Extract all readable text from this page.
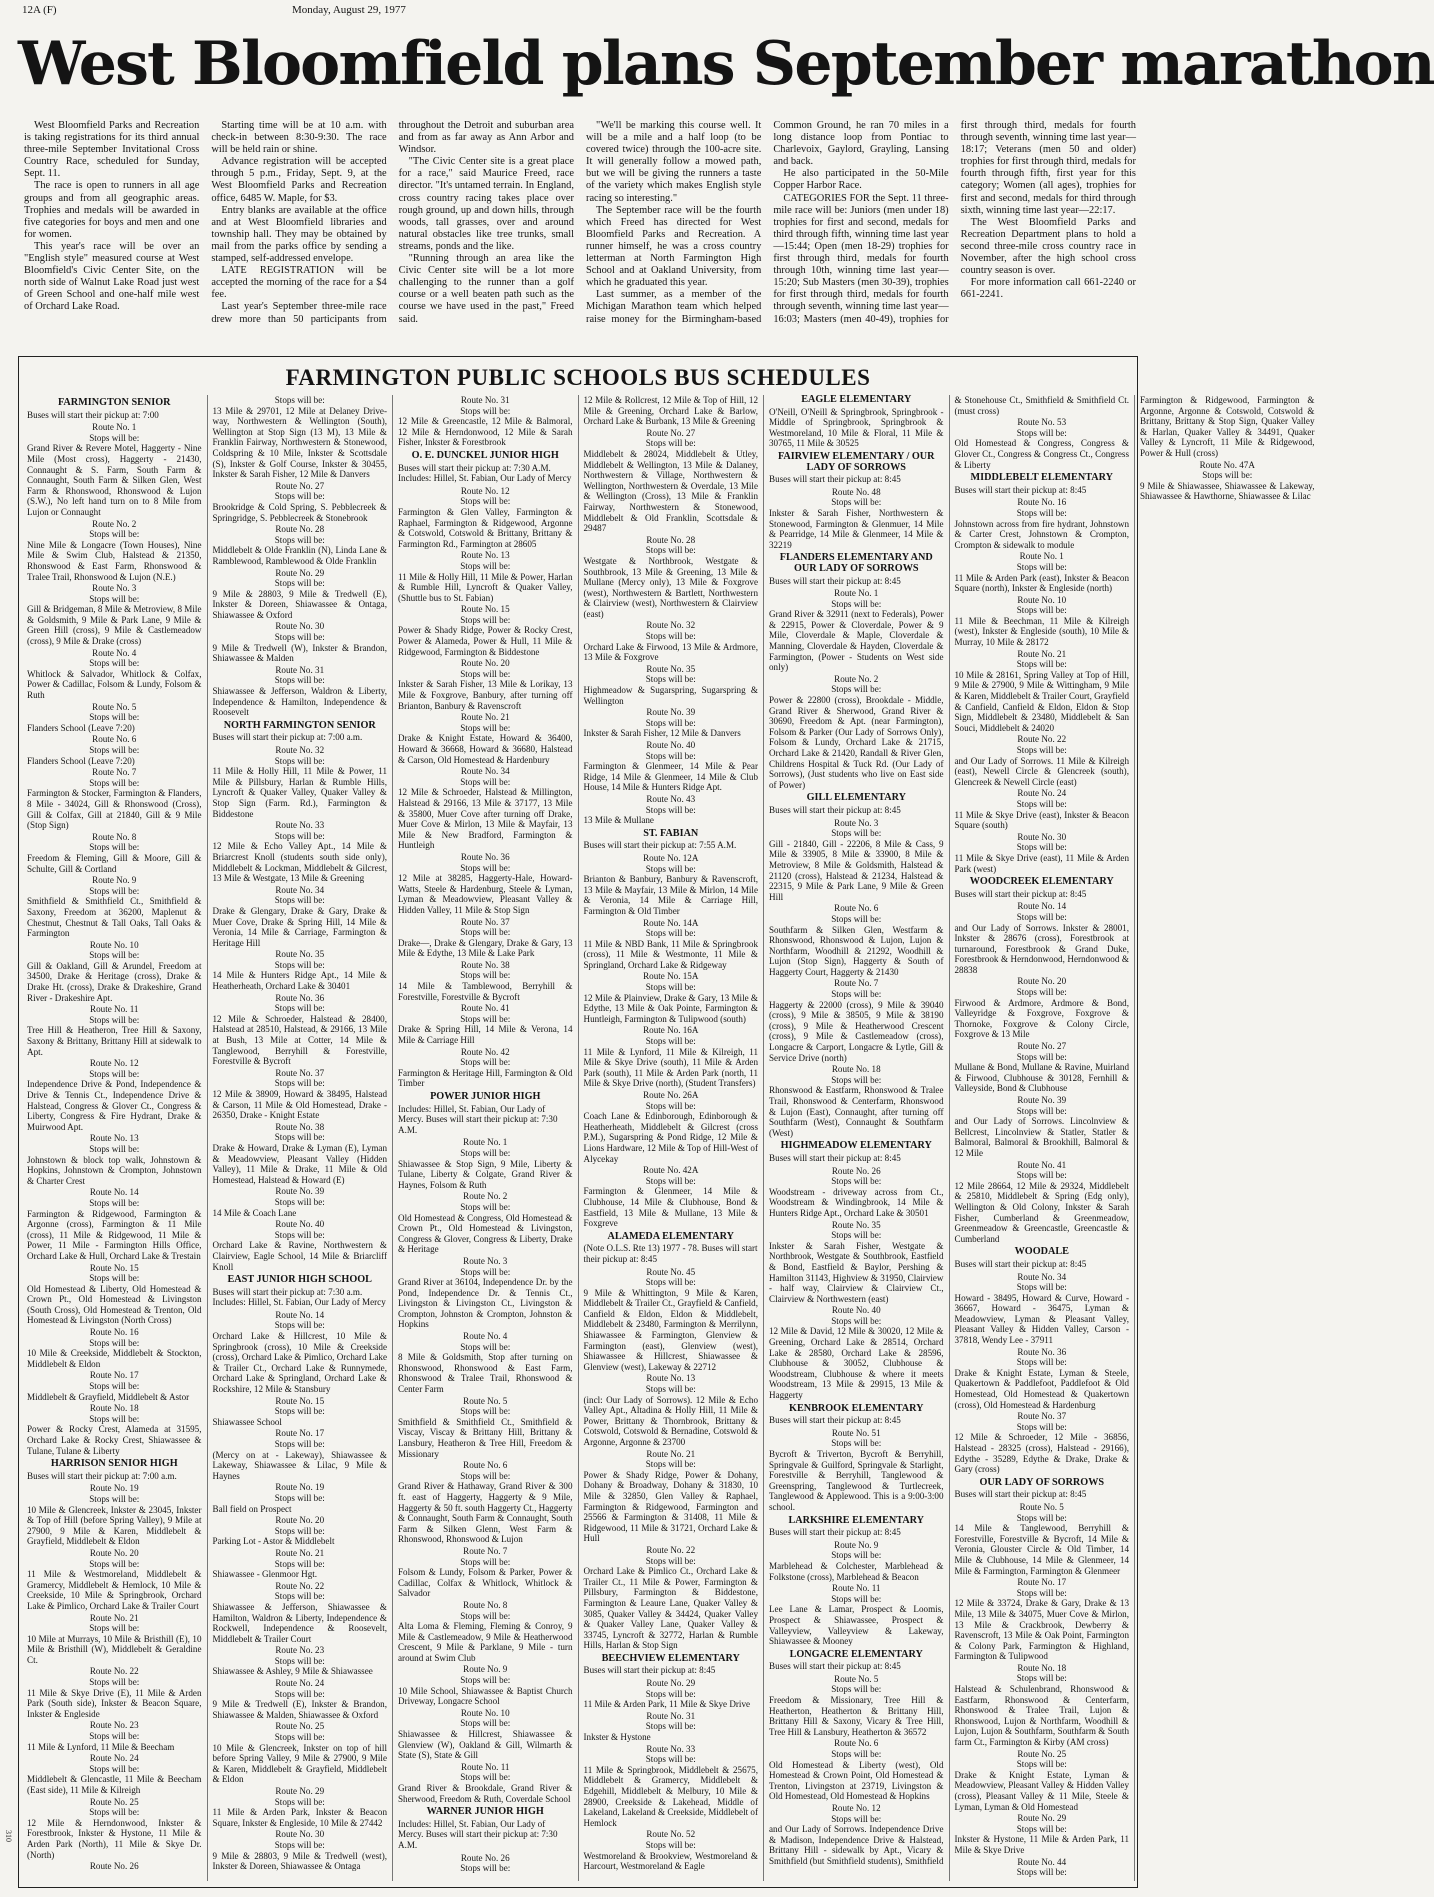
12A (F)	Monday, August 29, 1977
West Bloomfield plans September marathon

West Bloomfield Parks and Recreation is taking registrations for its third annual three-mile September Invitational Cross Country Race, scheduled for Sunday, Sept. 11.

The race is open to runners in all age groups and from all geographic areas. Trophies and medals will be awarded in five categories for boys and men and one for women.

This year's race will be over an "English style" measured course at West Bloomfield's Civic Center Site, on the north side of Walnut Lake Road just west of Green School and one-half mile west of Orchard Lake Road.

Starting time will be at 10 a.m. with check-in between 8:30-9:30. The race will be held rain or shine.

Advance registration will be accepted through 5 p.m., Friday, Sept. 9, at the West Bloomfield Parks and Recreation office, 6485 W. Maple, for $3.

Entry blanks are available at the office and at West Bloomfield libraries and township hall. They may be obtained by mail from the parks office by sending a stamped, self-addressed envelope.

LATE REGISTRATION will be accepted the morning of the race for a $4 fee.

Last year's September three-mile race drew more than 50 participants from throughout the Detroit and suburban area and from as far away as Ann Arbor and Windsor.

"The Civic Center site is a great place for a race," said Maurice Freed, race director. "It's untamed terrain. In England, cross country racing takes place over rough ground, up and down hills, through woods, tall grasses, over and around natural obstacles like tree trunks, small streams, ponds and the like.

"Running through an area like the Civic Center site will be a lot more challenging to the runner than a golf course or a well beaten path such as the course we have used in the past," Freed said.

"We'll be marking this course well. It will be a mile and a half loop (to be covered twice) through the 100-acre site. It will generally follow a mowed path, but we will be giving the runners a taste of the variety which makes English style racing so interesting."

The September race will be the fourth which Freed has directed for West Bloomfield Parks and Recreation. A runner himself, he was a cross country letterman at North Farmington High School and at Oakland University, from which he graduated this year.

Last summer, as a member of the Michigan Marathon team which helped raise money for the Birmingham-based Common Ground, he ran 70 miles in a long distance loop from Pontiac to Charlevoix, Gaylord, Grayling, Lansing and back.

He also participated in the 50-Mile Copper Harbor Race.

CATEGORIES FOR the Sept. 11 three-mile race will be: Juniors (men under 18) trophies for first and second, medals for third through fifth, winning time last year—15:44; Open (men 18-29) trophies for first through third, medals for fourth through 10th, winning time last year—15:20; Sub Masters (men 30-39), trophies for first through third, medals for fourth through seventh, winning time last year—16:03; Masters (men 40-49), trophies for first through third, medals for fourth through seventh, winning time last year—18:17; Veterans (men 50 and older) trophies for first through third, medals for fourth through fifth, first year for this category; Women (all ages), trophies for first and second, medals for third through sixth, winning time last year—22:17.

The West Bloomfield Parks and Recreation Department plans to hold a second three-mile cross country race in November, after the high school cross country season is over.

For more information call 661-2240 or 661-2241.

FARMINGTON PUBLIC SCHOOLS BUS SCHEDULES
FARMINGTON SENIOR
Buses will start their pickup at: 7:00
Route No. 1
Stops will be:
Grand River & Revere Motel, Haggerty - Nine Mile (Most cross), Haggerty - 21430, Connaught & S. Farm, South Farm & Connaught, South Farm & Silken Glen, West Farm & Rhonswood, Rhonswood & Lujon (S.W.), No left hand turn on to 8 Mile from Lujon or Connaught
Route No. 2
Stops will be:
Nine Mile & Longacre (Town Houses), Nine Mile & Swim Club, Halstead & 21350, Rhonswood & East Farm, Rhonswood & Tralee Trail, Rhonswood & Lujon (N.E.)
Route No. 3
Stops will be:
Gill & Bridgeman, 8 Mile & Metroview, 8 Mile & Goldsmith, 9 Mile & Park Lane, 9 Mile & Green Hill (cross), 9 Mile & Castlemeadow (cross), 9 Mile & Drake (cross)
Route No. 4
Stops will be:
Whitlock & Salvador, Whitlock & Colfax, Power & Cadillac, Folsom & Lundy, Folsom & Ruth
Route No. 5
Stops will be:
Flanders School (Leave 7:20)
Route No. 6
Stops will be:
Flanders School (Leave 7:20)
Route No. 7
Stops will be:
Farmington & Stocker, Farmington & Flanders, 8 Mile - 34024, Gill & Rhonswood (Cross), Gill & Colfax, Gill at 21840, Gill & 9 Mile (Stop Sign)
Route No. 8
Stops will be:
Freedom & Fleming, Gill & Moore, Gill & Schulte, Gill & Cortland
Route No. 9
Stops will be:
Smithfield & Smithfield Ct., Smithfield & Saxony, Freedom at 36200, Maplenut & Chestnut, Chestnut & Tall Oaks, Tall Oaks & Farmington
Route No. 10
Stops will be:
Gill & Oakland, Gill & Arundel, Freedom at 34500, Drake & Heritage (cross), Drake & Drake Ht. (cross), Drake & Drakeshire, Grand River - Drakeshire Apt.
Route No. 11
Stops will be:
Tree Hill & Heatheron, Tree Hill & Saxony, Saxony & Brittany, Brittany Hill at sidewalk to Apt.
Route No. 12
Stops will be:
Independence Drive & Pond, Independence & Drive & Tennis Ct., Independence Drive & Halstead, Congress & Glover Ct., Congress & Liberty, Congress & Fire Hydrant, Drake & Muirwood Apt.
Route No. 13
Stops will be:
Johnstown & block top walk, Johnstown & Hopkins, Johnstown & Crompton, Johnstown & Charter Crest
Route No. 14
Stops will be:
Farmington & Ridgewood, Farmington & Argonne (cross), Farmington & 11 Mile (cross), 11 Mile & Ridgewood, 11 Mile & Power, 11 Mile - Farmington Hills Office, Orchard Lake & Hull, Orchard Lake & Trestain
Route No. 15
Stops will be:
Old Homestead & Liberty, Old Homestead & Crown Pt., Old Homestead & Livingston (South Cross), Old Homestead & Trenton, Old Homestead & Livingston (North Cross)
Route No. 16
Stops will be:
10 Mile & Creekside, Middlebelt & Stockton, Middlebelt & Eldon
Route No. 17
Stops will be:
Middlebelt & Grayfield, Middlebelt & Astor
Route No. 18
Stops will be:
Power & Rocky Crest, Alameda at 31595, Orchard Lake & Rocky Crest, Shiawassee & Tulane, Tulane & Liberty
HARRISON SENIOR HIGH
Buses will start their pickup at: 7:00 a.m.
Route No. 19
Stops will be:
10 Mile & Glencreek, Inkster & 23045, Inkster & Top of Hill (before Spring Valley), 9 Mile at 27900, 9 Mile & Karen, Middlebelt & Grayfield, Middlebelt & Eldon
Route No. 20
Stops will be:
11 Mile & Westmoreland, Middlebelt & Gramercy, Middlebelt & Hemlock, 10 Mile & Creekside, 10 Mile & Springbrook, Orchard Lake & Pimlico, Orchard Lake & Trailer Court
Route No. 21
Stops will be:
10 Mile at Murrays, 10 Mile & Bristhill (E), 10 Mile & Bristhill (W), Middlebelt & Geraldine Ct.
Route No. 22
Stops will be:
11 Mile & Skye Drive (E), 11 Mile & Arden Park (South side), Inkster & Beacon Square, Inkster & Engleside
Route No. 23
Stops will be:
11 Mile & Lynford, 11 Mile & Beecham
Route No. 24
Stops will be:
Middlebelt & Glencastle, 11 Mile & Beecham (East side), 11 Mile & Kilreigh
Route No. 25
Stops will be:
12 Mile & Herndonwood, Inkster & Forestbrook, Inkster & Hystone, 11 Mile & Arden Park (North), 11 Mile & Skye Dr. (North)
Route No. 26
Stops will be:
13 Mile & 29701, 12 Mile at Delaney Drive-way, Northwestern & Wellington (South), Wellington at Stop Sign (13 M), 13 Mile & Franklin Fairway, Northwestern & Stonewood, Coldspring & 10 Mile, Inkster & Scottsdale (S), Inkster & Golf Course, Inkster & 30455, Inkster & Sarah Fisher, 12 Mile & Danvers
Route No. 27
Stops will be:
Brookridge & Cold Spring, S. Pebblecreek & Springridge, S. Pebblecreek & Stonebrook
Route No. 28
Stops will be:
Middlebelt & Olde Franklin (N), Linda Lane & Ramblewood, Ramblewood & Olde Franklin
Route No. 29
Stops will be:
9 Mile & 28803, 9 Mile & Tredwell (E), Inkster & Doreen, Shiawassee & Ontaga, Shiawassee & Oxford
Route No. 30
Stops will be:
9 Mile & Tredwell (W), Inkster & Brandon, Shiawassee & Malden
Route No. 31
Stops will be:
Shiawassee & Jefferson, Waldron & Liberty, Independence & Hamilton, Independence & Roosevelt
NORTH FARMINGTON SENIOR
Buses will start their pickup at: 7:00 a.m.
Route No. 32
Stops will be:
11 Mile & Holly Hill, 11 Mile & Power, 11 Mile & Pillsbury, Harlan & Rumble Hills, Lyncroft & Quaker Valley, Quaker Valley & Stop Sign (Farm. Rd.), Farmington & Biddestone
Route No. 33
Stops will be:
12 Mile & Echo Valley Apt., 14 Mile & Briarcrest Knoll (students south side only), Middlebelt & Lockman, Middlebelt & Gilcrest, 13 Mile & Westgate, 13 Mile & Greening
Route No. 34
Stops will be:
Drake & Glengary, Drake & Gary, Drake & Muer Cove, Drake & Spring Hill, 14 Mile & Veronia, 14 Mile & Carriage, Farmington & Heritage Hill
Route No. 35
Stops will be:
14 Mile & Hunters Ridge Apt., 14 Mile & Heatherheath, Orchard Lake & 30401
Route No. 36
Stops will be:
12 Mile & Schroeder, Halstead & 28400, Halstead at 28510, Halstead, & 29166, 13 Mile at Bush, 13 Mile at Cotter, 14 Mile & Tanglewood, Berryhill & Forestville, Forestville & Bycroft
Route No. 37
Stops will be:
12 Mile & 38909, Howard & 38495, Halstead & Carson, 11 Mile & Old Homestead, Drake - 26350, Drake - Knight Estate
Route No. 38
Stops will be:
Drake & Howard, Drake & Lyman (E), Lyman & Meadowview, Pleasant Valley (Hidden Valley), 11 Mile & Drake, 11 Mile & Old Homestead, Halstead & Howard (E)
Route No. 39
Stops will be:
14 Mile & Coach Lane
Route No. 40
Stops will be:
Orchard Lake & Ravine, Northwestern & Clairview, Eagle School, 14 Mile & Briarcliff Knoll
EAST JUNIOR HIGH SCHOOL
Buses will start their pickup at: 7:30 a.m. Includes: Hillel, St. Fabian, Our Lady of Mercy
Route No. 14
Stops will be:
Orchard Lake & Hillcrest, 10 Mile & Springbrook (cross), 10 Mile & Creekside (cross), Orchard Lake & Pimlico, Orchard Lake & Trailer Ct., Orchard Lake & Runnymede, Orchard Lake & Springland, Orchard Lake & Rockshire, 12 Mile & Stansbury
Route No. 15
Stops will be:
Shiawassee School
Route No. 17
Stops will be:
(Mercy on at - Lakeway), Shiawassee & Lakeway, Shiawassee & Lilac, 9 Mile & Haynes
Route No. 19
Stops will be:
Ball field on Prospect
Route No. 20
Stops will be:
Parking Lot - Astor & Middlebelt
Route No. 21
Stops will be:
Shiawassee - Glenmoor Hgt.
Route No. 22
Stops will be:
Shiawassee & Jefferson, Shiawassee & Hamilton, Waldron & Liberty, Independence & Rockwell, Independence & Roosevelt, Middlebelt & Trailer Court
Route No. 23
Stops will be:
Shiawassee & Ashley, 9 Mile & Shiawassee
Route No. 24
Stops will be:
9 Mile & Tredwell (E), Inkster & Brandon, Shiawassee & Malden, Shiawassee & Oxford
Route No. 25
Stops will be:
10 Mile & Glencreek, Inkster on top of hill before Spring Valley, 9 Mile & 27900, 9 Mile & Karen, Middlebelt & Grayfield, Middlebelt & Eldon
Route No. 29
Stops will be:
11 Mile & Arden Park, Inkster & Beacon Square, Inkster & Engleside, 10 Mile & 27442
Route No. 30
Stops will be:
9 Mile & 28803, 9 Mile & Tredwell (west), Inkster & Doreen, Shiawassee & Ontaga
Route No. 31
Stops will be:
12 Mile & Greencastle, 12 Mile & Balmoral, 12 Mile & Herndonwood, 12 Mile & Sarah Fisher, Inkster & Forestbrook
O. E. DUNCKEL JUNIOR HIGH
Buses will start their pickup at: 7:30 A.M. Includes: Hillel, St. Fabian, Our Lady of Mercy
Route No. 12
Stops will be:
Farmington & Glen Valley, Farmington & Raphael, Farmington & Ridgewood, Argonne & Cotswold, Cotswold & Brittany, Brittany & Farmington Rd., Farmington at 28605
Route No. 13
Stops will be:
11 Mile & Holly Hill, 11 Mile & Power, Harlan & Rumble Hill, Lyncroft & Quaker Valley, (Shuttle bus to St. Fabian)
Route No. 15
Stops will be:
Power & Shady Ridge, Power & Rocky Crest, Power & Alameda, Power & Hull, 11 Mile & Ridgewood, Farmington & Biddestone
Route No. 20
Stops will be:
Inkster & Sarah Fisher, 13 Mile & Lorikay, 13 Mile & Foxgrove, Banbury, after turning off Brianton, Banbury & Ravenscroft
Route No. 21
Stops will be:
Drake & Knight Estate, Howard & 36400, Howard & 36668, Howard & 36680, Halstead & Carson, Old Homestead & Hardenbury
Route No. 34
Stops will be:
12 Mile & Schroeder, Halstead & Millington, Halstead & 29166, 13 Mile & 37177, 13 Mile & 35800, Muer Cove after turning off Drake, Muer Cove & Mirlon, 13 Mile & Mayfair, 13 Mile & New Bradford, Farmington & Huntleigh
Route No. 36
Stops will be:
12 Mile at 38285, Haggerty-Hale, Howard-Watts, Steele & Hardenburg, Steele & Lyman, Lyman & Meadowview, Pleasant Valley & Hidden Valley, 11 Mile & Stop Sign
Route No. 37
Stops will be:
Drake—, Drake & Glengary, Drake & Gary, 13 Mile & Edythe, 13 Mile & Lake Park
Route No. 38
Stops will be:
14 Mile & Tamblewood, Berryhill & Forestville, Forestville & Bycroft
Route No. 41
Stops will be:
Drake & Spring Hill, 14 Mile & Verona, 14 Mile & Carriage Hill
Route No. 42
Stops will be:
Farmington & Heritage Hill, Farmington & Old Timber
POWER JUNIOR HIGH
Includes: Hillel, St. Fabian, Our Lady of Mercy. Buses will start their pickup at: 7:30 A.M.
Route No. 1
Stops will be:
Shiawassee & Stop Sign, 9 Mile, Liberty & Tulane, Liberty & Colgate, Grand River & Haynes, Folsom & Ruth
Route No. 2
Stops will be:
Old Homestead & Congress, Old Homestead & Crown Pt., Old Homestead & Livingston, Congress & Glover, Congress & Liberty, Drake & Heritage
Route No. 3
Stops will be:
Grand River at 36104, Independence Dr. by the Pond, Independence Dr. & Tennis Ct., Livingston & Livingston Ct., Livingston & Crompton, Johnston & Crompton, Johnston & Hopkins
Route No. 4
Stops will be:
8 Mile & Goldsmith, Stop after turning on Rhonswood, Rhonswood & East Farm, Rhonswood & Tralee Trail, Rhonswood & Center Farm
Route No. 5
Stops will be:
Smithfield & Smithfield Ct., Smithfield & Viscay, Viscay & Brittany Hill, Brittany & Lansbury, Heatheron & Tree Hill, Freedom & Missionary
Route No. 6
Stops will be:
Grand River & Hathaway, Grand River & 300 ft. east of Haggerty, Haggerty & 9 Mile, Haggerty & 50 ft. south Haggerty Ct., Haggerty & Connaught, South Farm & Connaught, South Farm & Silken Glenn, West Farm & Rhonswood, Rhonswood & Lujon
Route No. 7
Stops will be:
Folsom & Lundy, Folsom & Parker, Power & Cadillac, Colfax & Whitlock, Whitlock & Salvador
Route No. 8
Stops will be:
Alta Loma & Fleming, Fleming & Conroy, 9 Mile & Castlemeadow, 9 Mile & Heatherwood Crescent, 9 Mile & Parklane, 9 Mile - turn around at Swim Club
Route No. 9
Stops will be:
10 Mile School, Shiawassee & Baptist Church Driveway, Longacre School
Route No. 10
Stops will be:
Shiawassee & Hillcrest, Shiawassee & Glenview (W), Oakland & Gill, Wilmarth & State (S), State & Gill
Route No. 11
Stops will be:
Grand River & Brookdale, Grand River & Sherwood, Freedom & Ruth, Coverdale School
WARNER JUNIOR HIGH
Includes: Hillel, St. Fabian, Our Lady of Mercy. Buses will start their pickup at: 7:30 A.M.
Route No. 26
Stops will be:
12 Mile & Rollcrest, 12 Mile & Top of Hill, 12 Mile & Greening, Orchard Lake & Barlow, Orchard Lake & Burbank, 13 Mile & Greening
Route No. 27
Stops will be:
Middlebelt & 28024, Middlebelt & Utley, Middlebelt & Wellington, 13 Mile & Dalaney, Northwestern & Village, Northwestern & Wellington, Northwestern & Overdale, 13 Mile & Wellington (Cross), 13 Mile & Franklin Fairway, Northwestern & Stonewood, Middlebelt & Old Franklin, Scottsdale & 29487
Route No. 28
Stops will be:
Westgate & Northbrook, Westgate & Southbrook, 13 Mile & Greening, 13 Mile & Mullane (Mercy only), 13 Mile & Foxgrove (west), Northwestern & Bartlett, Northwestern & Clairview (west), Northwestern & Clairview (east)
Route No. 32
Stops will be:
Orchard Lake & Firwood, 13 Mile & Ardmore, 13 Mile & Foxgrove
Route No. 35
Stops will be:
Highmeadow & Sugarspring, Sugarspring & Wellington
Route No. 39
Stops will be:
Inkster & Sarah Fisher, 12 Mile & Danvers
Route No. 40
Stops will be:
Farmington & Glenmeer, 14 Mile & Pear Ridge, 14 Mile & Glenmeer, 14 Mile & Club House, 14 Mile & Hunters Ridge Apt.
Route No. 43
Stops will be:
13 Mile & Mullane
ST. FABIAN
Buses will start their pickup at: 7:55 A.M.
Route No. 12A
Stops will be:
Brianton & Banbury, Banbury & Ravenscroft, 13 Mile & Mayfair, 13 Mile & Mirlon, 14 Mile & Veronia, 14 Mile & Carriage Hill, Farmington & Old Timber
Route No. 14A
Stops will be:
11 Mile & NBD Bank, 11 Mile & Springbrook (cross), 11 Mile & Westmonte, 11 Mile & Springland, Orchard Lake & Ridgeway
Route No. 15A
Stops will be:
12 Mile & Plainview, Drake & Gary, 13 Mile & Edythe, 13 Mile & Oak Pointe, Farmington & Huntleigh, Farmington & Tulipwood (south)
Route No. 16A
Stops will be:
11 Mile & Lynford, 11 Mile & Kilreigh, 11 Mile & Skye Drive (south), 11 Mile & Arden Park (south), 11 Mile & Arden Park (north, 11 Mile & Skye Drive (north), (Student Transfers)
Route No. 26A
Stops will be:
Coach Lane & Edinborough, Edinborough & Heatherheath, Middlebelt & Gilcrest (cross P.M.), Sugarspring & Pond Ridge, 12 Mile & Lions Hardware, 12 Mile & Top of Hill-West of Alycekay
Route No. 42A
Stops will be:
Farmington & Glenmeer, 14 Mile & Clubhouse, 14 Mile & Clubhouse, Bond & Eastfield, 13 Mile & Mullane, 13 Mile & Foxgreve
ALAMEDA ELEMENTARY
(Note O.L.S. Rte 13) 1977 - 78. Buses will start their pickup at: 8:45
Route No. 45
Stops will be:
9 Mile & Whittington, 9 Mile & Karen, Middlebelt & Trailer Ct., Grayfield & Canfield, Canfield & Eldon, Eldon & Middlebelt, Middlebelt & 23480, Farmington & Merrilynn, Shiawassee & Farmington, Glenview & Farmington (east), Glenview (west), Shiawassee & Hillcrest, Shiawassee & Glenview (west), Lakeway & 22712
Route No. 13
Stops will be:
(incl: Our Lady of Sorrows). 12 Mile & Echo Valley Apt., Altadina & Holly Hill, 11 Mile & Power, Brittany & Thornbrook, Brittany & Cotswold, Cotswold & Bernadine, Cotswold & Argonne, Argonne & 23700
Route No. 21
Stops will be:
Power & Shady Ridge, Power & Dohany, Dohany & Broadway, Dohany & 31830, 10 Mile & 32850, Glen Valley & Raphael, Farmington & Ridgewood, Farmington and 25566 & Farmington & 31408, 11 Mile & Ridgewood, 11 Mile & 31721, Orchard Lake & Hull
Route No. 22
Stops will be:
Orchard Lake & Pimlico Ct., Orchard Lake & Trailer Ct., 11 Mile & Power, Farmington & Pillsbury, Farmington & Biddestone, Farmington & Leaure Lane, Quaker Valley & 3085, Quaker Valley & 34424, Quaker Valley & Quaker Valley Lane, Quaker Valley & 33745, Lyncroft & 32772, Harlan & Rumble Hills, Harlan & Stop Sign
BEECHVIEW ELEMENTARY
Buses will start their pickup at: 8:45
Route No. 29
Stops will be:
11 Mile & Arden Park, 11 Mile & Skye Drive
Route No. 31
Stops will be:
Inkster & Hystone
Route No. 33
Stops will be:
11 Mile & Springbrook, Middlebelt & 25675, Middlebelt & Gramercy, Middlebelt & Edgehill, Middlebelt & Melbury, 10 Mile & 28900, Creekside & Lakehead, Middle of Lakeland, Lakeland & Creekside, Middlebelt of Hemlock
Route No. 52
Stops will be:
Westmoreland & Brookview, Westmoreland & Harcourt, Westmoreland & Eagle
EAGLE ELEMENTARY
O'Neill, O'Neill & Springbrook, Springbrook - Middle of Springbrook, Springbrook & Westmoreland, 10 Mile & Floral, 11 Mile & 30765, 11 Mile & 30525
FAIRVIEW ELEMENTARY / OUR LADY OF SORROWS
Buses will start their pickup at: 8:45
Route No. 48
Stops will be:
Inkster & Sarah Fisher, Northwestern & Stonewood, Farmington & Glenmuer, 14 Mile & Pearridge, 14 Mile & Glenmeer, 14 Mile & 32219
FLANDERS ELEMENTARY AND OUR LADY OF SORROWS
Buses will start their pickup at: 8:45
Route No. 1
Stops will be:
Grand River & 32911 (next to Federals), Power & 22915, Power & Cloverdale, Power & 9 Mile, Cloverdale & Maple, Cloverdale & Manning, Cloverdale & Hayden, Cloverdale & Farmington, (Power - Students on West side only)
Route No. 2
Stops will be:
Power & 22800 (cross), Brookdale - Middle, Grand River & Sherwood, Grand River & 30690, Freedom & Apt. (near Farmington), Folsom & Parker (Our Lady of Sorrows Only), Folsom & Lundy, Orchard Lake & 21715, Orchard Lake & 21420, Randall & River Glen, Childrens Hospital & Tuck Rd. (Our Lady of Sorrows), (Just students who live on East side of Power)
GILL ELEMENTARY
Buses will start their pickup at: 8:45
Route No. 3
Stops will be:
Gill - 21840, Gill - 22206, 8 Mile & Cass, 9 Mile & 33905, 8 Mile & 33900, 8 Mile & Metroview, 8 Mile & Goldsmith, Halstead & 21120 (cross), Halstead & 21234, Halstead & 22315, 9 Mile & Park Lane, 9 Mile & Green Hill
Route No. 6
Stops will be:
Southfarm & Silken Glen, Westfarm & Rhonswood, Rhonswood & Lujon, Lujon & Northfarm, Woodhill & 21292, Woodhill & Lujon (Stop Sign), Haggerty & South of Haggerty Court, Haggerty & 21430
Route No. 7
Stops will be:
Haggerty & 22000 (cross), 9 Mile & 39040 (cross), 9 Mile & 38505, 9 Mile & 38190 (cross), 9 Mile & Heatherwood Crescent (cross), 9 Mile & Castlemeadow (cross), Longacre & Carport, Longacre & Lytle, Gill & Service Drive (north)
Route No. 18
Stops will be:
Rhonswood & Eastfarm, Rhonswood & Tralee Trail, Rhonswood & Centerfarm, Rhonswood & Lujon (East), Connaught, after turning off Southfarm (West), Connaught & Southfarm (West)
HIGHMEADOW ELEMENTARY
Buses will start their pickup at: 8:45
Route No. 26
Stops will be:
Woodstream - driveway across from Ct., Woodstream & Windingbrook, 14 Mile & Hunters Ridge Apt., Orchard Lake & 30501
Route No. 35
Stops will be:
Inkster & Sarah Fisher, Westgate & Northbrook, Westgate & Southbrook, Eastfield & Bond, Eastfield & Baylor, Pershing & Hamilton 31143, Highview & 31950, Clairview - half way, Clairview & Clairview Ct., Clairview & Northwestern (east)
Route No. 40
Stops will be:
12 Mile & David, 12 Mile & 30020, 12 Mile & Greening, Orchard Lake & 28514, Orchard Lake & 28580, Orchard Lake & 28596, Clubhouse & 30052, Clubhouse & Woodstream, Clubhouse & where it meets Woodstream, 13 Mile & 29915, 13 Mile & Haggerty
KENBROOK ELEMENTARY
Buses will start their pickup at: 8:45
Route No. 51
Stops will be:
Bycroft & Triverton, Bycroft & Berryhill, Springvale & Guilford, Springvale & Starlight, Forestville & Berryhill, Tanglewood & Greenspring, Tanglewood & Turtlecreek, Tanglewood & Applewood. This is a 9:00-3:00 school.
LARKSHIRE ELEMENTARY
Buses will start their pickup at: 8:45
Route No. 9
Stops will be:
Marblehead & Colchester, Marblehead & Folkstone (cross), Marblehead & Beacon
Route No. 11
Stops will be:
Lee Lane & Lamar, Prospect & Loomis, Prospect & Shiawassee, Prospect & Valleyview, Valleyview & Lakeway, Shiawassee & Mooney
LONGACRE ELEMENTARY
Buses will start their pickup at: 8:45
Route No. 5
Stops will be:
Freedom & Missionary, Tree Hill & Heatherton, Heatherton & Brittany Hill, Brittany Hill & Saxony, Vicary & Tree Hill, Tree Hill & Lansbury, Heatherton & 36572
Route No. 6
Stops will be:
Old Homestead & Liberty (west), Old Homestead & Crown Point, Old Homestead & Trenton, Livingston at 23719, Livingston & Old Homestead, Old Homestead & Hopkins
Route No. 12
Stops will be:
and Our Lady of Sorrows. Independence Drive & Madison, Independence Drive & Halstead, Brittany Hill - sidewalk by Apt., Vicary & Smithfield (but Smithfield students), Smithfield & Stonehouse Ct., Smithfield & Smithfield Ct. (must cross)
Route No. 53
Stops will be:
Old Homestead & Congress, Congress & Glover Ct., Congress & Congress Ct., Congress & Liberty
MIDDLEBELT ELEMENTARY
Buses will start their pickup at: 8:45
Route No. 16
Stops will be:
Johnstown across from fire hydrant, Johnstown & Carter Crest, Johnstown & Crompton, Crompton & sidewalk to module
Route No. 1
Stops will be:
11 Mile & Arden Park (east), Inkster & Beacon Square (north), Inkster & Engleside (north)
Route No. 10
Stops will be:
11 Mile & Beechman, 11 Mile & Kilreigh (west), Inkster & Engleside (south), 10 Mile & Murray, 10 Mile & 28172
Route No. 21
Stops will be:
10 Mile & 28161, Spring Valley at Top of Hill, 9 Mile & 27900, 9 Mile & Wittingham, 9 Mile & Karen, Middlebelt & Trailer Court, Grayfield & Canfield, Canfield & Eldon, Eldon & Stop Sign, Middlebelt & 23480, Middlebelt & San Souci, Middlebelt & 24020
Route No. 22
Stops will be:
and Our Lady of Sorrows. 11 Mile & Kilreigh (east), Newell Circle & Glencreek (south), Glencreek & Newell Circle (east)
Route No. 24
Stops will be:
11 Mile & Skye Drive (east), Inkster & Beacon Square (south)
Route No. 30
Stops will be:
11 Mile & Skye Drive (east), 11 Mile & Arden Park (west)
WOODCREEK ELEMENTARY
Buses will start their pickup at: 8:45
Route No. 14
Stops will be:
and Our Lady of Sorrows. Inkster & 28001, Inkster & 28676 (cross), Forestbrook at turnaround, Forestbrook & Grand Duke, Forestbrook & Herndonwood, Herndonwood & 28838
Route No. 20
Stops will be:
Firwood & Ardmore, Ardmore & Bond, Valleyridge & Foxgrove, Foxgrove & Thornoke, Foxgrove & Colony Circle, Foxgrove & 13 Mile
Route No. 27
Stops will be:
Mullane & Bond, Mullane & Ravine, Muirland & Firwood, Clubhouse & 30128, Fernhill & Valleyside, Bond & Clubhouse
Route No. 39
Stops will be:
and Our Lady of Sorrows. Lincolnview & Bellcrest, Lincolnview & Statler, Statler & Balmoral, Balmoral & Brookhill, Balmoral & 12 Mile
Route No. 41
Stops will be:
12 Mile 28664, 12 Mile & 29324, Middlebelt & 25810, Middlebelt & Spring (Edg only), Wellington & Old Colony, Inkster & Sarah Fisher, Cumberland & Greenmeadow, Greenmeadow & Greencastle, Greencastle & Cumberland
WOODALE
Buses will start their pickup at: 8:45
Route No. 34
Stops will be:
Howard - 38495, Howard & Curve, Howard - 36667, Howard - 36475, Lyman & Meadowview, Lyman & Pleasant Valley, Pleasant Valley & Hidden Valley, Carson - 37818, Wendy Lee - 37911
Route No. 36
Stops will be:
Drake & Knight Estate, Lyman & Steele, Quakertown & Paddlefoot, Paddlefoot & Old Homestead, Old Homestead & Quakertown (cross), Old Homestead & Hardenburg
Route No. 37
Stops will be:
12 Mile & Schroeder, 12 Mile - 36856, Halstead - 28325 (cross), Halstead - 29166), Edythe - 35289, Edythe & Drake, Drake & Gary (cross)
OUR LADY OF SORROWS
Buses will start their pickup at: 8:45
Route No. 5
Stops will be:
14 Mile & Tanglewood, Berryhill & Forestville, Forestville & Bycroft, 14 Mile & Veronia, Glouster Circle & Old Timber, 14 Mile & Clubhouse, 14 Mile & Glenmeer, 14 Mile & Farmington, Farmington & Glenmeer
Route No. 17
Stops will be:
12 Mile & 33724, Drake & Gary, Drake & 13 Mile, 13 Mile & 34075, Muer Cove & Mirlon, 13 Mile & Crackbrook, Dewberry & Ravenscroft, 13 Mile & Oak Point, Farmington & Colony Park, Farmington & Highland, Farmington & Tulipwood
Route No. 18
Stops will be:
Halstead & Schulenbrand, Rhonswood & Eastfarm, Rhonswood & Centerfarm, Rhonswood & Tralee Trail, Lujon & Rhonswood, Lujon & Northfarm, Woodhill & Lujon, Lujon & Southfarm, Southfarm & South farm Ct., Farmington & Kirby (AM cross)
Route No. 25
Stops will be:
Drake & Knight Estate, Lyman & Meadowview, Pleasant Valley & Hidden Valley (cross), Pleasant Valley & 11 Mile, Steele & Lyman, Lyman & Old Homestead
Route No. 29
Stops will be:
Inkster & Hystone, 11 Mile & Arden Park, 11 Mile & Skye Drive
Route No. 44
Stops will be:
Farmington & Ridgewood, Farmington & Argonne, Argonne & Cotswold, Cotswold & Brittany, Brittany & Stop Sign, Quaker Valley & Harlan, Quaker Valley & 34491, Quaker Valley & Lyncroft, 11 Mile & Ridgewood, Power & Hull (cross)
Route No. 47A
Stops will be:
9 Mile & Shiawassee, Shiawassee & Lakeway, Shiawassee & Hawthorne, Shiawassee & Lilac
310
